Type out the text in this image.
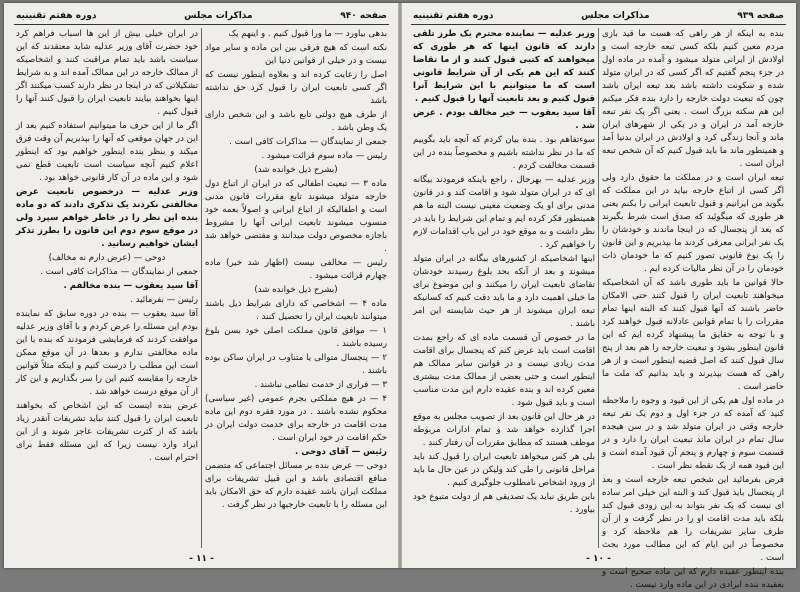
صفحه ۹۴۰
مذاکرات مجلس
دوره هفتم تقنینیه

بدهی بیاورد — ما ورا قبول کنیم . و اینهم یک

نکته است که هیچ فرقی بین این ماده و سایر مواد نیست و در خیلی از قوانین دنیا این

اصل را رعایت کرده اند و بعلاوه اینطور نیست که اگر کسی تابعیت ایران را قبول کرد حق نداشته باشد

از طرف هیچ دولتی تابع باشد و این شخص دارای یک وطن باشد .

جمعی از نمایندگان — مذاکرات کافی است .

رئیس — ماده سوم قرائت میشود .

(بشرح ذیل خوانده شد)

ماده ۳ — تبعیت اطفالی که در ایران از اتباع دول خارجه متولد میشوند تابع مقررات قانون مدنی است و اطفالیکه از اتباع ایرانی و اصولاً بعمه خود منسوب میشوند تابعیت ایرانی آنها را مشروط باجازه مخصوص دولت میدانند و مقتضی خواهد شد .

رئیس — مخالفی نیست (اظهار شد خیر) ماده چهارم قرائت میشود .

(بشرح ذیل خوانده شد)

ماده ۴ — اشخاصی که دارای شرایط ذیل باشند میتوانند تابعیت ایران را تحصیل کنند .

۱ — موافق قانون مملکت اصلی خود بسن بلوغ رسیده باشند .

۲ — پنجسال متوالی یا متناوب در ایران ساکن بوده باشند .

۳ — فراری از خدمت نظامی نباشند .

۴ — در هیچ مملکتی بجرم عمومی (غیر سیاسی) محکوم نشده باشند . در مورد فقره دوم این ماده مدت اقامت در خارجه برای خدمت دولت ایران در حکم اقامت در خود ایران است .

رئیس — آقای دوحی .

دوحی — عرض بنده بر مسائل اجتماعی که متضمن منافع اقتصادی باشد و این قبیل تشریفات برای مملکت ایران باشد عقیده دارم که حق الامکان باید این مسئله را با تابعیت خارجیها در نظر گرفت .

در ایران خیلی بیش از این ها اسباب فراهم کرد خود حضرت آقای وزیر عدلیه شاید معتقدند که این سیاست باشد باید تمام مراقبت کنند و اشخاصیکه از ممالک خارجه در این ممالک آمده اند و به شرایط تشکیلاتی که در اینجا در نظر دارند کسب میکنند اگر اینها بخواهند بیایند تابعیت ایران را قبول کنند آنها را قبول کنیم .

اگر ما از این حرف ما میتوانیم استفاده کنیم بعد از این در جهان موقعی که آنها را بپذیریم آن وقت فرق میکند و بنظر بنده اینطور خواهیم بود که اینطور اعلام کنیم آنچه سیاست است تابعیت قطع نمی شود و این ماده در آن کار قانونی خواهد بود .

وزیر عدلیه — درخصوص تابعیت عرض مخالفتی نکردند یک تذکری دادند که دو ماده بنده این نظر را در خاطر خواهم سپرد ولی در موقع سوم دوم این قانون را بطرز تذکر ایشان خواهیم رسانید .

دوحی — (عرض دارم نه مخالف)

جمعی از نمایندگان — مذاکرات کافی است .

آقا سید یعقوب — بنده مخالفم .

رئیس — بفرمائید .

آقا سید یعقوب — بنده در دوره سابق که نماینده بودم این مسئله را عرض کردم و با آقای وزیر عدلیه موافقت کردند که فرمایشی فرمودند که بنده با این ماده مخالفتی ندارم و بعدها در آن موقع ممکن است این مطلب را درست کنیم و اینکه مثلاً قوانین خارجه را مقایسه کنیم این را سر بگذاریم و این کار از آن موقع درست خواهد شد .

عرض بنده اینست که این اشخاص که بخواهند تابعیت ایران را قبول کنند نباید تشریفات آنقدر زیاد باشد که از کثرت تشریفات عاجز شوند و از این ایراد وارد نیست زیرا که این مسئله فقط برای احترام است .

- ۱۱ -
صفحه ۹۳۹
مذاکرات مجلس
دوره هفتم تقنینیه

بنده به اینکه از هر راهی که هست ما قید بازی مردم معین کنیم بلکه کسی تبعه خارجه است و اولادش از ایرانی متولد میشود و آمده در ماده اول در جزء پنجم گفتیم که اگر کسی که در ایران متولد شده و سکونت داشته باشد بعد تبعه ایران باشد چون که تبعیت دولت خارجه را دارد بنده فکر میکنم این هم سکته بزرگ است . یعنی اگر یک نفر تبعه خارجه آمد در ایران و در یکی از شهرهای ایران ماند و آنجا زندگی کرد و اولادش در ایران بدنیا آمد و همینطور ماند ما باید قبول کنیم که آن شخص تبعه ایران است .

تبعه ایران است و در مملکت ما حقوق دارد ولی اگر کسی از اتباع خارجه بیاید در این مملکت که بگوید من ایرانیم و قبول تابعیت ایرانی را بکنم یعنی هر طوری که میگوئید که صدق است شرط بگیرند که بعد از پنجسال که در اینجا ماندند و خودشان را یک نفر ایرانی معرفی کردند ما بپذیریم و این قانون را یک نوع قانونی تصور کنیم که ما خودمان ذات خودمان را در آن نظر مالیات کرده ایم .

حالا قوانین ما باید طوری باشد که آن اشخاصیکه میخواهند تابعیت ایران را قبول کنند حتی الامکان حاضر باشند که آنها قبول کنند که البته اینها تمام مقررات را با تمام قوانین عادلانه قبول خواهند کرد و با توجه به حقایق ما پیشنهاد کرده ایم که این قانون اینطور بشود و تبعیت خارجه را هم بعد از پنج سال قبول کنند که اصل قضیه اینطور است و از هر راهی که هست بپذیرند و باید بدانیم که ملت ما حاضر است .

در ماده اول هم یکی از این قیود و وجوه را ملاحظه کنید که آمده که در جزء اول و دوم یک نفر تبعه خارجه وقتی در ایران متولد شد و در سن هیجده سال تمام در ایران ماند تبعیت ایران را دارد و در قسمت سوم و چهارم و پنجم آن قیود آمده است و این قیود همه از یک نقطه نظر است .

فرض بفرمائید این شخص تبعه خارجه است و بعد از پنجسال باید قبول کند و البته این خیلی امر ساده ای نیست که یک نفر بتواند به این زودی قبول کند بلکه باید مدت اقامت او را در نظر گرفت و از آن طرف سایر تشریفات را هم ملاحظه کرد و مخصوصاً در این ایام که این مطالب مورد بحث است .

بنده اینطور عقیده دارم که این ماده صحیح است و بعقیده بنده ایرادی در این ماده وارد نیست .

وزیر عدلیه — نماینده محترم یک طرز تلقی دارند که قانون اینها که هر طوری که میخواهند که کتبی قبول کنند و از ما تقاضا کنند که این هم یکی از آن شرایط قانونی است که ما میتوانیم با این شرایط آنرا قبول کنیم و بعد تابعیت آنها را قبول کنیم .

آقا سید یعقوب — خیر مخالف بودم . عرض شد .

سوءتفاهم بود . بنده بیان کردم که آنچه باید بگوییم که ما در نظر نداشته باشیم و مخصوصاً بنده در این قسمت مخالفت کردم .

وزیر عدلیه — بهرحال ، راجع باینکه فرمودند بیگانه ای که در ایران متولد شود و اقامت کند و در قانون مدنی برای او یک وضعیت معینی نیست البته ما هم همینطور فکر کرده ایم و تمام این شرایط را باید در نظر داشت و به موقع خود در این باب اقدامات لازم را خواهیم کرد .

اینها اشخاصیکه از کشورهای بیگانه در ایران متولد میشوند و بعد از آنکه بحد بلوغ رسیدند خودشان تقاضای تابعیت ایران را میکنند و این موضوع برای ما خیلی اهمیت دارد و ما باید دقت کنیم که کسانیکه تبعه ایران میشوند از هر حیث شایسته این امر باشند .

ما در خصوص آن قسمت ماده ای که راجع بمدت اقامت است باید عرض کنم که پنجسال برای اقامت مدت زیادی نیست و در قوانین سایر ممالک هم اینطور است و حتی بعضی از ممالک مدت بیشتری معین کرده اند و بنده عقیده دارم این مدت مناسب است و باید قبول شود .

در هر حال این قانون بعد از تصویب مجلس به موقع اجرا گذارده خواهد شد و تمام ادارات مربوطه موظف هستند که مطابق مقررات آن رفتار کنند .

بلی هر کس میخواهد تابعیت ایران را قبول کند باید مراحل قانونی را طی کند ولیکن در عین حال ما باید از ورود اشخاص نامطلوب جلوگیری کنیم .

باین طریق نباید یک تصدیقی هم از دولت متبوع خود بیاورد .

- ۱۰ -
